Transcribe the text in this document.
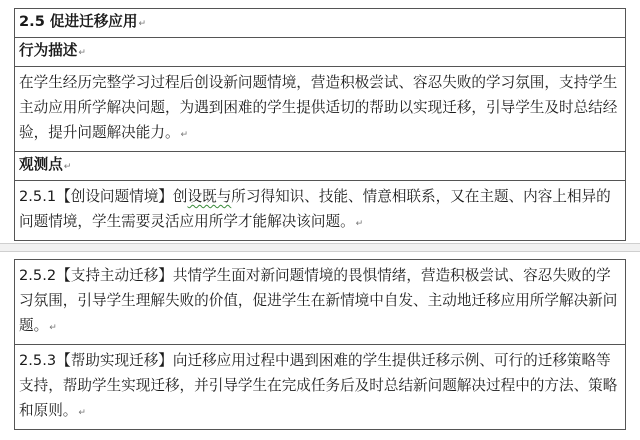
2.5 促进迁移应用↵
行为描述↵
在学生经历完整学习过程后创设新问题情境，营造积极尝试、容忍失败的学习氛围，支持学生主动应用所学解决问题，为遇到困难的学生提供适切的帮助以实现迁移，引导学生及时总结经验，提升问题解决能力。↵
观测点↵
2.5.1【创设问题情境】创设既与所习得知识、技能、情意相联系，又在主题、内容上相异的问题情境，学生需要灵活应用所学才能解决该问题。↵
2.5.2【支持主动迁移】共情学生面对新问题情境的畏惧情绪，营造积极尝试、容忍失败的学习氛围，引导学生理解失败的价值，促进学生在新情境中自发、主动地迁移应用所学解决新问题。↵
2.5.3【帮助实现迁移】向迁移应用过程中遇到困难的学生提供迁移示例、可行的迁移策略等支持，帮助学生实现迁移，并引导学生在完成任务后及时总结新问题解决过程中的方法、策略和原则。↵
